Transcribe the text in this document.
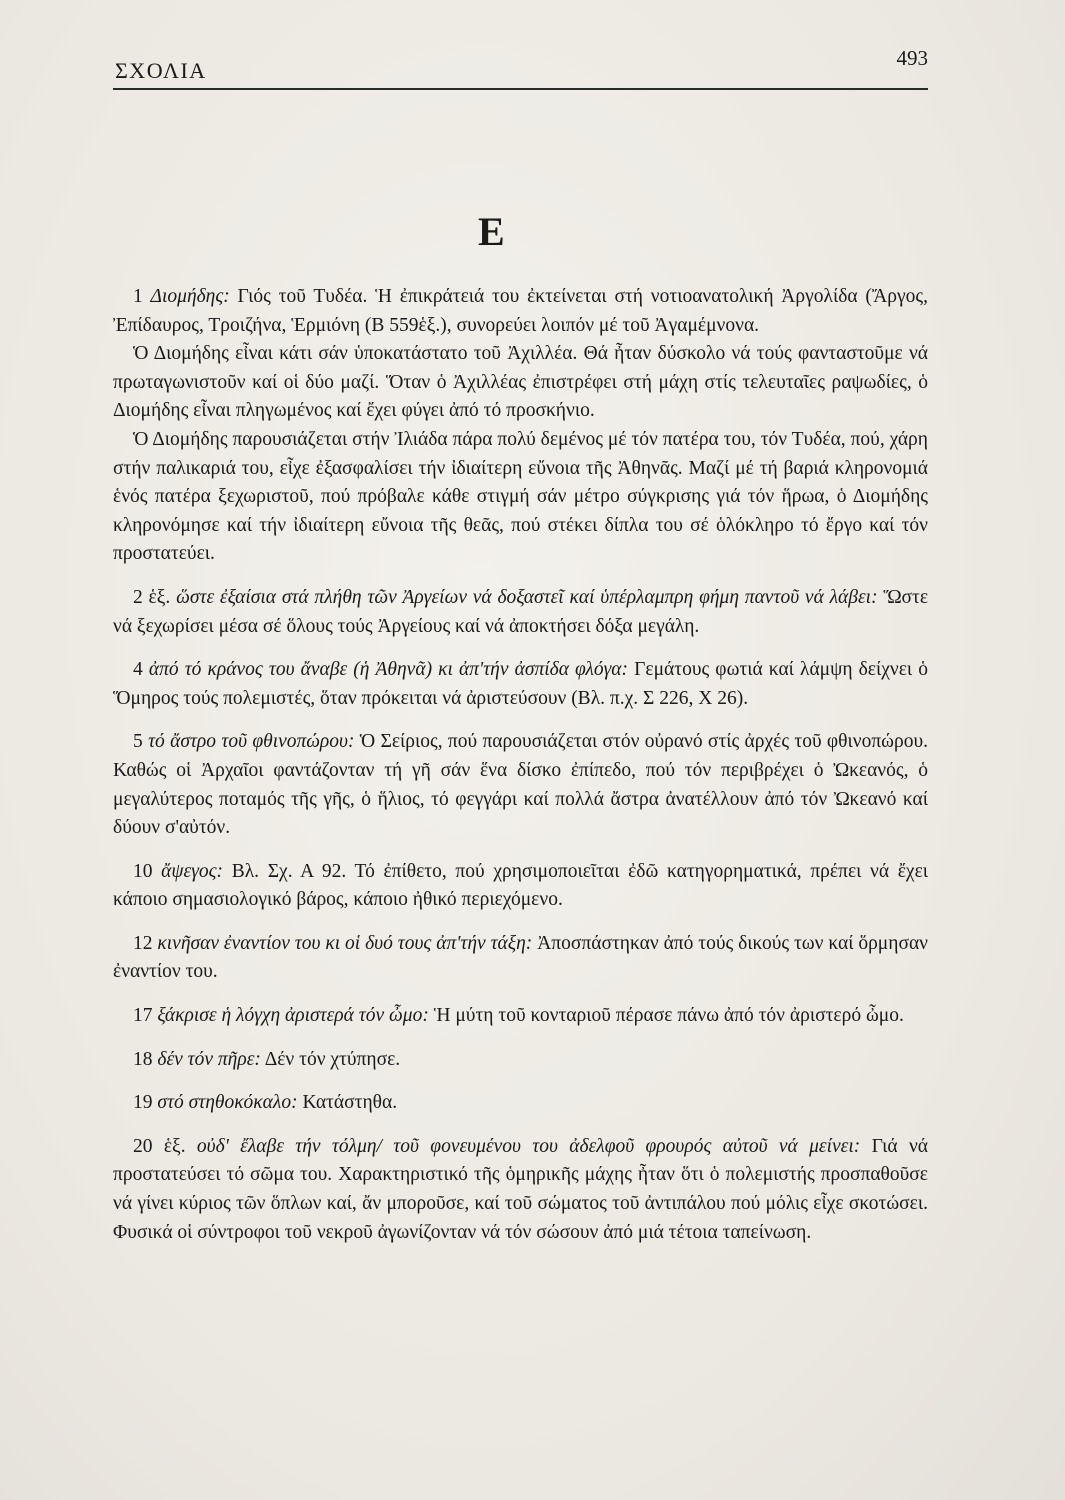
ΣΧΟΛΙΑ	493
Ε

1 Διομήδης: Γιός τοῦ Τυδέα. Ἡ ἐπικράτειά του ἐκτείνεται στή νοτιοανατολική Ἀργολίδα (Ἄργος, Ἐπίδαυρος, Τροιζήνα, Ἑρμιόνη (Β 559ἑξ.), συνορεύει λοιπόν μέ τοῦ Ἀγαμέμνονα.

Ὁ Διομήδης εἶναι κάτι σάν ὑποκατάστατο τοῦ Ἀχιλλέα. Θά ἦταν δύσκολο νά τούς φανταστοῦμε νά πρωταγωνιστοῦν καί οἱ δύο μαζί. Ὅταν ὁ Ἀχιλλέας ἐπιστρέφει στή μάχη στίς τελευταῖες ραψωδίες, ὁ Διομήδης εἶναι πληγωμένος καί ἔχει φύγει ἀπό τό προσκήνιο.

Ὁ Διομήδης παρουσιάζεται στήν Ἰλιάδα πάρα πολύ δεμένος μέ τόν πατέρα του, τόν Τυδέα, πού, χάρη στήν παλικαριά του, εἶχε ἐξασφαλίσει τήν ἰδιαίτερη εὔνοια τῆς Ἀθηνᾶς. Μαζί μέ τή βαριά κληρονομιά ἑνός πατέρα ξεχωριστοῦ, πού πρόβαλε κάθε στιγμή σάν μέτρο σύγκρισης γιά τόν ἥρωα, ὁ Διομήδης κληρονόμησε καί τήν ἰδιαίτερη εὔνοια τῆς θεᾶς, πού στέκει δίπλα του σέ ὁλόκληρο τό ἔργο καί τόν προστατεύει.

2 ἑξ. ὥστε ἐξαίσια στά πλήθη τῶν Ἀργείων νά δοξαστεῖ καί ὑπέρλαμπρη φήμη παντοῦ νά λάβει: Ὥστε νά ξεχωρίσει μέσα σέ ὅλους τούς Ἀργείους καί νά ἀποκτήσει δόξα μεγάλη.

4 ἀπό τό κράνος του ἄναβε (ἡ Ἀθηνᾶ) κι ἀπ'τήν ἀσπίδα φλόγα: Γεμάτους φωτιά καί λάμψη δείχνει ὁ Ὅμηρος τούς πολεμιστές, ὅταν πρόκειται νά ἀριστεύσουν (Βλ. π.χ. Σ 226, Χ 26).

5 τό ἄστρο τοῦ φθινοπώρου: Ὁ Σείριος, πού παρουσιάζεται στόν οὐρανό στίς ἀρχές τοῦ φθινοπώρου. Καθώς οἱ Ἀρχαῖοι φαντάζονταν τή γῆ σάν ἕνα δίσκο ἐπίπεδο, πού τόν περιβρέχει ὁ Ὠκεανός, ὁ μεγαλύτερος ποταμός τῆς γῆς, ὁ ἥλιος, τό φεγγάρι καί πολλά ἄστρα ἀνατέλλουν ἀπό τόν Ὠκεανό καί δύουν σ'αὐτόν.

10 ἄψεγος: Βλ. Σχ. Α 92. Τό ἐπίθετο, πού χρησιμοποιεῖται ἐδῶ κατηγορηματικά, πρέπει νά ἔχει κάποιο σημασιολογικό βάρος, κάποιο ἠθικό περιεχόμενο.

12 κινῆσαν ἐναντίον του κι οἱ δυό τους ἀπ'τήν τάξη: Ἀποσπάστηκαν ἀπό τούς δικούς των καί ὅρμησαν ἐναντίον του.

17 ξάκρισε ἡ λόγχη ἀριστερά τόν ὦμο: Ἡ μύτη τοῦ κονταριοῦ πέρασε πάνω ἀπό τόν ἀριστερό ὦμο.

18 δέν τόν πῆρε: Δέν τόν χτύπησε.

19 στό στηθοκόκαλο: Κατάστηθα.

20 ἑξ. οὐδ' ἔλαβε τήν τόλμη/ τοῦ φονευμένου του ἀδελφοῦ φρουρός αὐτοῦ νά μείνει: Γιά νά προστατεύσει τό σῶμα του. Χαρακτηριστικό τῆς ὁμηρικῆς μάχης ἦταν ὅτι ὁ πολεμιστής προσπαθοῦσε νά γίνει κύριος τῶν ὅπλων καί, ἄν μποροῦσε, καί τοῦ σώματος τοῦ ἀντιπάλου πού μόλις εἶχε σκοτώσει. Φυσικά οἱ σύντροφοι τοῦ νεκροῦ ἀγωνίζονταν νά τόν σώσουν ἀπό μιά τέτοια ταπείνωση.
